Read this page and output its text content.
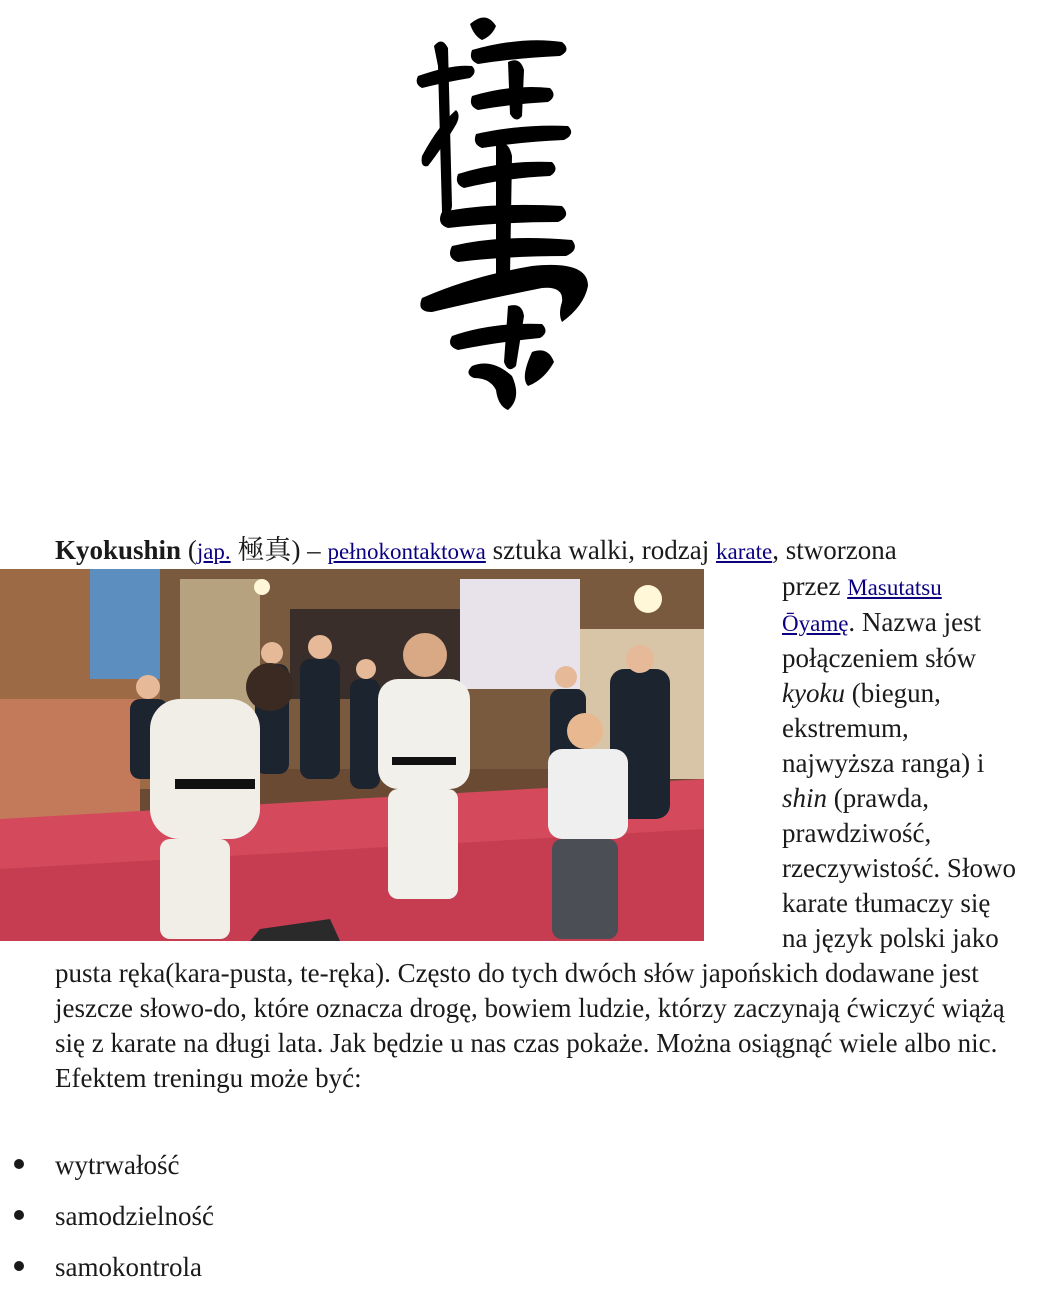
Kyokushin (jap. 極真) – pełnokontaktowa sztuka walki, rodzaj karate, stworzona

przez Masutatsu Ōyamę. Nazwa jest połączeniem słów kyoku (biegun, ekstremum, najwyższa ranga) i shin (prawda, prawdziwość, rzeczywistość. Słowo karate tłumaczy się na język polski jako pusta ręka(kara-pusta, te-ręka). Często do tych dwóch słów japońskich dodawane jest jeszcze słowo-do, które oznacza drogę, bowiem ludzie, którzy zaczynają ćwiczyć wiążą się z karate na długi lata. Jak będzie u nas czas pokaże. Można osiągnąć wiele albo nic. Efektem treningu może być:

wytrwałość
samodzielność
samokontrola
